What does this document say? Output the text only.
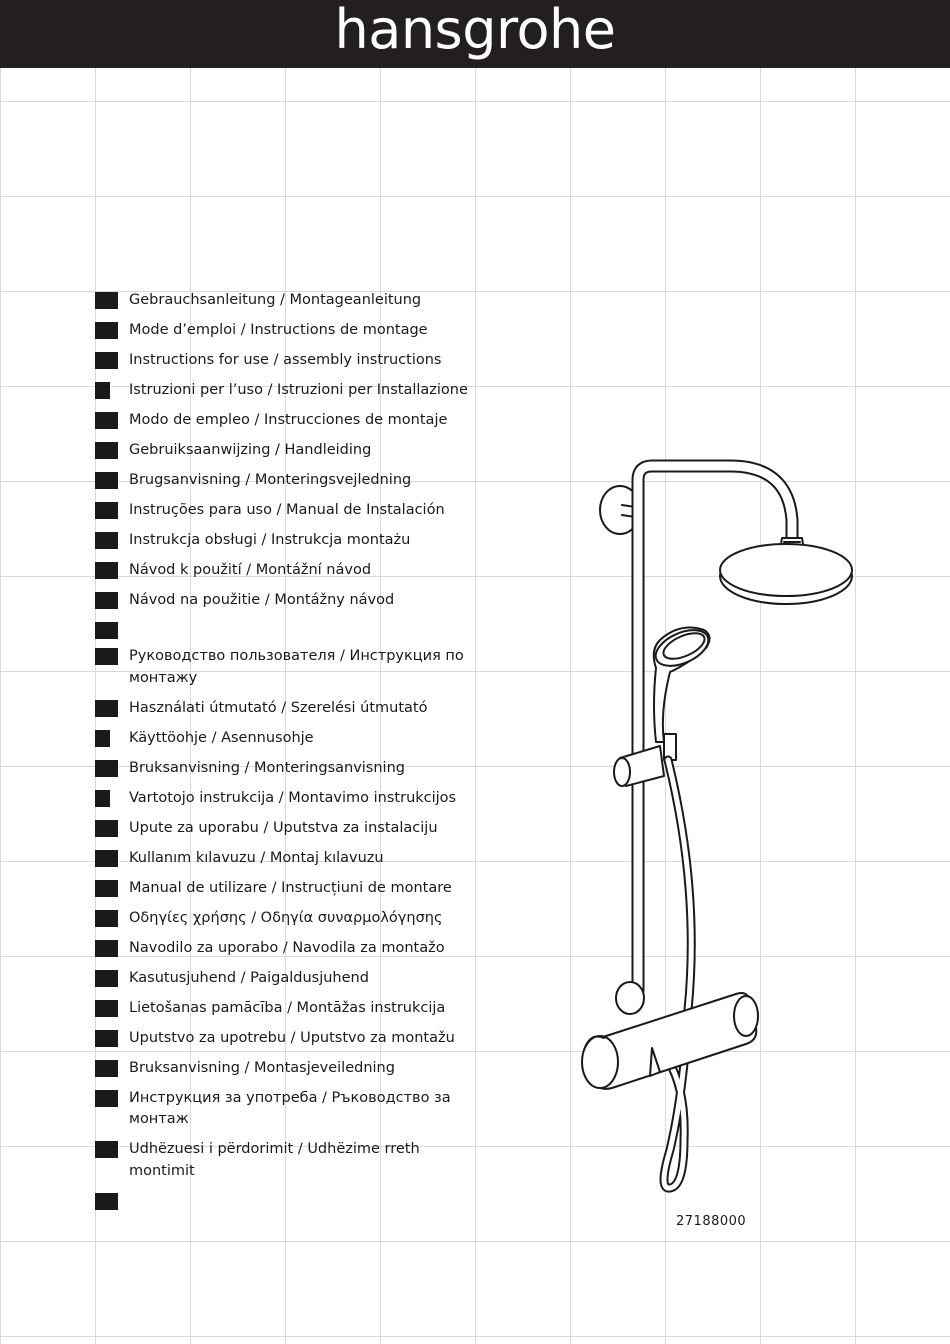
hansgrohe
Gebrauchsanleitung / Montageanleitung
Mode d’emploi / Instructions de montage
Instructions for use / assembly instructions
Istruzioni per l’uso / Istruzioni per Installazione
Modo de empleo / Instrucciones de montaje
Gebruiksaanwijzing / Handleiding
Brugsanvisning / Monteringsvejledning
Instruções para uso / Manual de Instalación
Instrukcja obsługi / Instrukcja montażu
Návod k použití / Montážní návod
Návod na použitie / Montážny návod
Руководство пользователя / Инструкция по монтажу
Használati útmutató / Szerelési útmutató
Käyttöohje / Asennusohje
Bruksanvisning / Monteringsanvisning
Vartotojo instrukcija / Montavimo instrukcijos
Upute za uporabu / Uputstva za instalaciju
Kullanım kılavuzu / Montaj kılavuzu
Manual de utilizare / Instrucțiuni de montare
Οδηγίες χρήσης / Οδηγία συναρμολόγησης
Navodilo za uporabo / Navodila za montažo
Kasutusjuhend / Paigaldusjuhend
Lietošanas pamācība / Montāžas instrukcija
Uputstvo za upotrebu / Uputstvo za montažu
Bruksanvisning / Montasjeveiledning
Инструкция за употреба / Ръководство за монтаж
Udhëzuesi i përdorimit / Udhëzime rreth montimit
27188000
